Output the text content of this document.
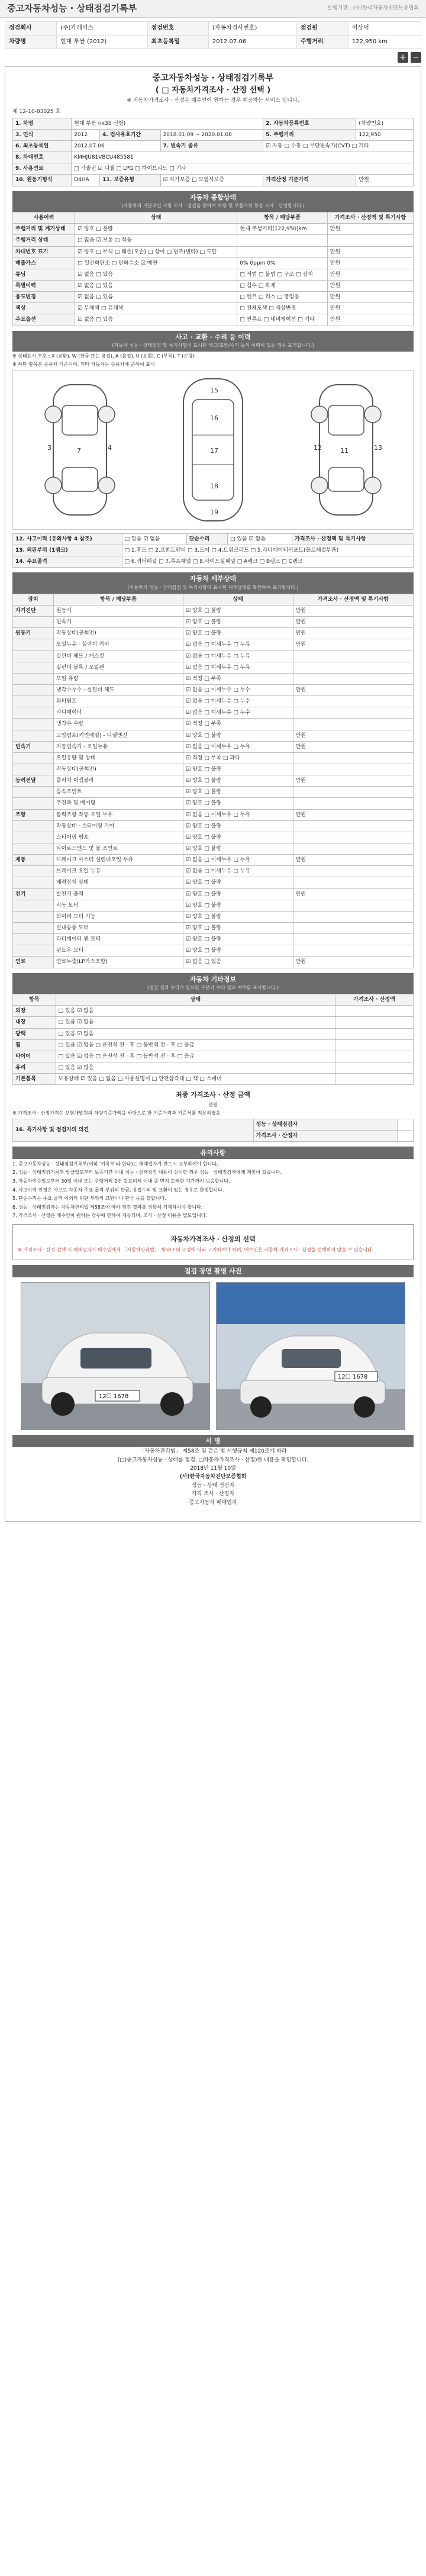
중고자동차성능 · 상태점검기록부	발행기관 : (사)한국자동차진단보증협회
점검회사	(주)카레이스	점검번호	(자동차검사번호)	점검원	이상덕
차량명	현대 투싼 (2012)	최초등록일	2012.07.06	주행거리	122,950 km
+ −
중고자동차성능 · 상태점검기록부
( □ 자동차가격조사 · 산정 선택 )
※ 자동차가격조사 · 산정은 매수인이 원하는 경우 제공하는 서비스 입니다.
제 12-10-03025 호
1. 차명	현대 투싼 (ix35 신형)			2. 자동차등록번호	(차량번호)
3. 연식	2012	4. 검사유효기간	2018.01.09 ~ 2020.01.08	5. 주행거리	122,950
6. 최초등록일	2012.07.06		7. 변속기 종류	☑ 자동 □ 수동 □ 무단변속기(CVT) □ 기타	
8. 차대번호	KMHJU81VBCU485581				
9. 사용연료	□ 가솔린 ☑ 디젤 □ LPG □ 하이브리드 □ 기타				
10. 원동기형식	D4HA	11. 보증유형	☑ 자가보증 □ 보험사보증	가격산정 기준가격	만원
자동차 종합상태
(자동차의 기본적인 사항 조사 · 점검을 통하여 차량 및 부품가치 등을 조사 · 산정합니다.)
사용이력	상태	항목 / 해당부품	가격조사 · 산정액 및 특기사항
주행거리 및 계기상태	☑ 양호 □ 불량	현재 주행거리(122,950)km	만원
주행거리 상태	□ 많음 ☑ 보통 □ 적음		
차대번호 표기	☑ 양호 □ 부식 □ 훼손(오손) □ 상이 □ 변조(변타) □ 도말		만원
배출가스	□ 일산화탄소 □ 탄화수소 ☑ 매연	0% 0ppm 0%	만원
튜닝	☑ 없음 □ 있음	□ 적법 □ 불법 □ 구조 □ 장치	만원
특별이력	☑ 없음 □ 있음	□ 침수 □ 화재	만원
용도변경	☑ 없음 □ 있음	□ 렌트 □ 리스 □ 영업용	만원
색상	☑ 무채색 □ 유채색	□ 전체도색 □ 색상변경	만원
주요옵션	☑ 없음 □ 있음	□ 썬루프 □ 네비게이션 □ 기타	만원
사고 · 교환 · 수리 등 이력
(자동차 성능 · 상태점검 및 특기사항이 표시된 사고/교환/수리 등의 이력이 있는 경우 표기합니다.)
※ 상태표시 부호 : X (교환), W (판금 또는 용접), A (흠집), U (요철), C (부식), T (손상)
※ 하단 항목은 승용차 기준이며, 기타 자동차는 승용차에 준하여 표시
7
3	4
15
16
17
18
19
11
12	13
12. 사고이력 (유의사항 4 참조)	□ 있음 ☑ 없음	단순수리	□ 있음 ☑ 없음	가격조사 · 산정액 및 특기사항
13. 외판부위 (1랭크)	□ 1.후드 □ 2.프론트펜더 □ 3.도어 □ 4.트렁크리드 □ 5.라디에이터서포트(볼트체결부품)			
14. 주요골격	□ 6.쿼터패널 □ 7.루프패널 □ 8.사이드실패널 □ A랭크 □ B랭크 □ C랭크			
자동차 세부상태
(자동차의 성능 · 상태점검 및 특기사항이 표시된 세부상태를 확인하여 표기합니다.)
장치	항목 / 해당부품	상태	가격조사 · 산정액 및 특기사항
자기진단	원동기	☑ 양호 □ 불량	만원
	변속기	☑ 양호 □ 불량	만원
원동기	작동상태(공회전)	☑ 양호 □ 불량	만원
	오일누유 · 실린더 커버	☑ 없음 □ 미세누유 □ 누유	만원
	실린더 헤드 / 개스킷	☑ 없음 □ 미세누유 □ 누유	
	실린더 블록 / 오일팬	☑ 없음 □ 미세누유 □ 누유	
	오일 유량	☑ 적정 □ 부족	
	냉각수누수 · 실린더 헤드	☑ 없음 □ 미세누수 □ 누수	만원
	워터펌프	☑ 없음 □ 미세누수 □ 누수	
	라디에이터	☑ 없음 □ 미세누수 □ 누수	
	냉각수 수량	☑ 적정 □ 부족	
	고압펌프(커먼레일) - 디젤엔진	☑ 양호 □ 불량	만원
변속기	자동변속기 - 오일누유	☑ 없음 □ 미세누유 □ 누유	만원
	오일유량 및 상태	☑ 적정 □ 부족 □ 과다	
	작동상태(공회전)	☑ 양호 □ 불량	
동력전달	클러치 어셈블리	☑ 양호 □ 불량	만원
	등속조인트	☑ 양호 □ 불량	
	추진축 및 베어링	☑ 양호 □ 불량	
조향	동력조향 작동 오일 누유	☑ 없음 □ 미세누유 □ 누유	만원
	작동상태 · 스티어링 기어	☑ 양호 □ 불량	
	스티어링 펌프	☑ 양호 □ 불량	
	타이로드엔드 및 볼 조인트	☑ 양호 □ 불량	
제동	브레이크 마스터 실린더오일 누유	☑ 없음 □ 미세누유 □ 누유	만원
	브레이크 오일 누유	☑ 없음 □ 미세누유 □ 누유	
	배력장치 상태	☑ 양호 □ 불량	
전기	발전기 출력	☑ 양호 □ 불량	만원
	시동 모터	☑ 양호 □ 불량	
	와이퍼 모터 기능	☑ 양호 □ 불량	
	실내송풍 모터	☑ 양호 □ 불량	
	라디에이터 팬 모터	☑ 양호 □ 불량	
	윈도우 모터	☑ 양호 □ 불량	
연료	연료누출(LP가스포함)	☑ 없음 □ 있음	만원
자동차 기타정보
(점검 결과 수리가 필요한 부분과 수리 필요 여부를 표시합니다.)
항목	상태	가격조사 · 산정액
외장	□ 있음 ☑ 없음	
내장	□ 있음 ☑ 없음	
광택	□ 있음 ☑ 없음	
휠	□ 있음 ☑ 없음 □ 운전석 전 · 후 □ 동반석 전 · 후 □ 응급	
타이어	□ 있음 ☑ 없음 □ 운전석 전 · 후 □ 동반석 전 · 후 □ 응급	
유리	□ 있음 ☑ 없음	
기본품목	보유상태 ☑ 있음 □ 없음 □ 사용설명서 □ 안전삼각대 □ 잭 □ 스패너	
최종 가격조사 · 산정 금액
만원
※ 가격조사 · 산정가격은 보험개발원의 차량기준가액을 바탕으로 한 기준가격과 기준서를 적용하였음
16. 특기사항 및 점검자의 의견	성능 · 상태점검자	
	가격조사 · 산정자	
유의사항
1. 중고자동차성능 · 상태점검기록부(이하 '기록부'라 한다)는 매매업자가 반드시 교부하여야 합니다.
2. 성능 · 상태점검기록부 발급일로부터 보증기간 이내 성능 · 상태점검 내용이 상이한 경우 성능 · 상태점검자에게 책임이 있습니다.
3. 자동차인수일로부터 30일 이내 또는 주행거리 2천 킬로미터 이내 중 먼저 도래한 기간까지 보증합니다.
4. 사고이력 인정은 사고로 자동차 주요 골격 부위의 판금, 용접수리 및 교환이 있는 경우로 한정합니다.
5. 단순수리는 주요 골격 이외의 외판 부위의 교환이나 판금 등을 말합니다.
6. 성능 · 상태점검자는 자동차관리법 제58조에 따라 점검 결과를 정확히 기재하여야 합니다.
7. 가격조사 · 산정은 매수인이 원하는 경우에 한하여 제공되며, 조사 · 산정 비용은 별도입니다.
자동차가격조사 · 산정의 선택
※ 가격조사 · 산정 선택 시 매매업자가 매수인에게 「자동차관리법」 제58조의 규정에 따라 고지하여야 하며, 매수인은 자동차 가격조사 · 산정을 선택하지 않을 수 있습니다.
점검 장면 촬영 사진
12☐ 1678
12☐ 1678
서 명
「자동차관리법」 제58조 및 같은 법 시행규칙 제120조에 따라
(□)중고자동차성능 · 상태를 점검, □자동차가격조사 · 산정)한 내용을 확인합니다.
2018년 11월 10일
(사)한국자동차진단보증협회
성능 · 상태 점검자
가격 조사 · 산정자
중고자동차 매매업자
